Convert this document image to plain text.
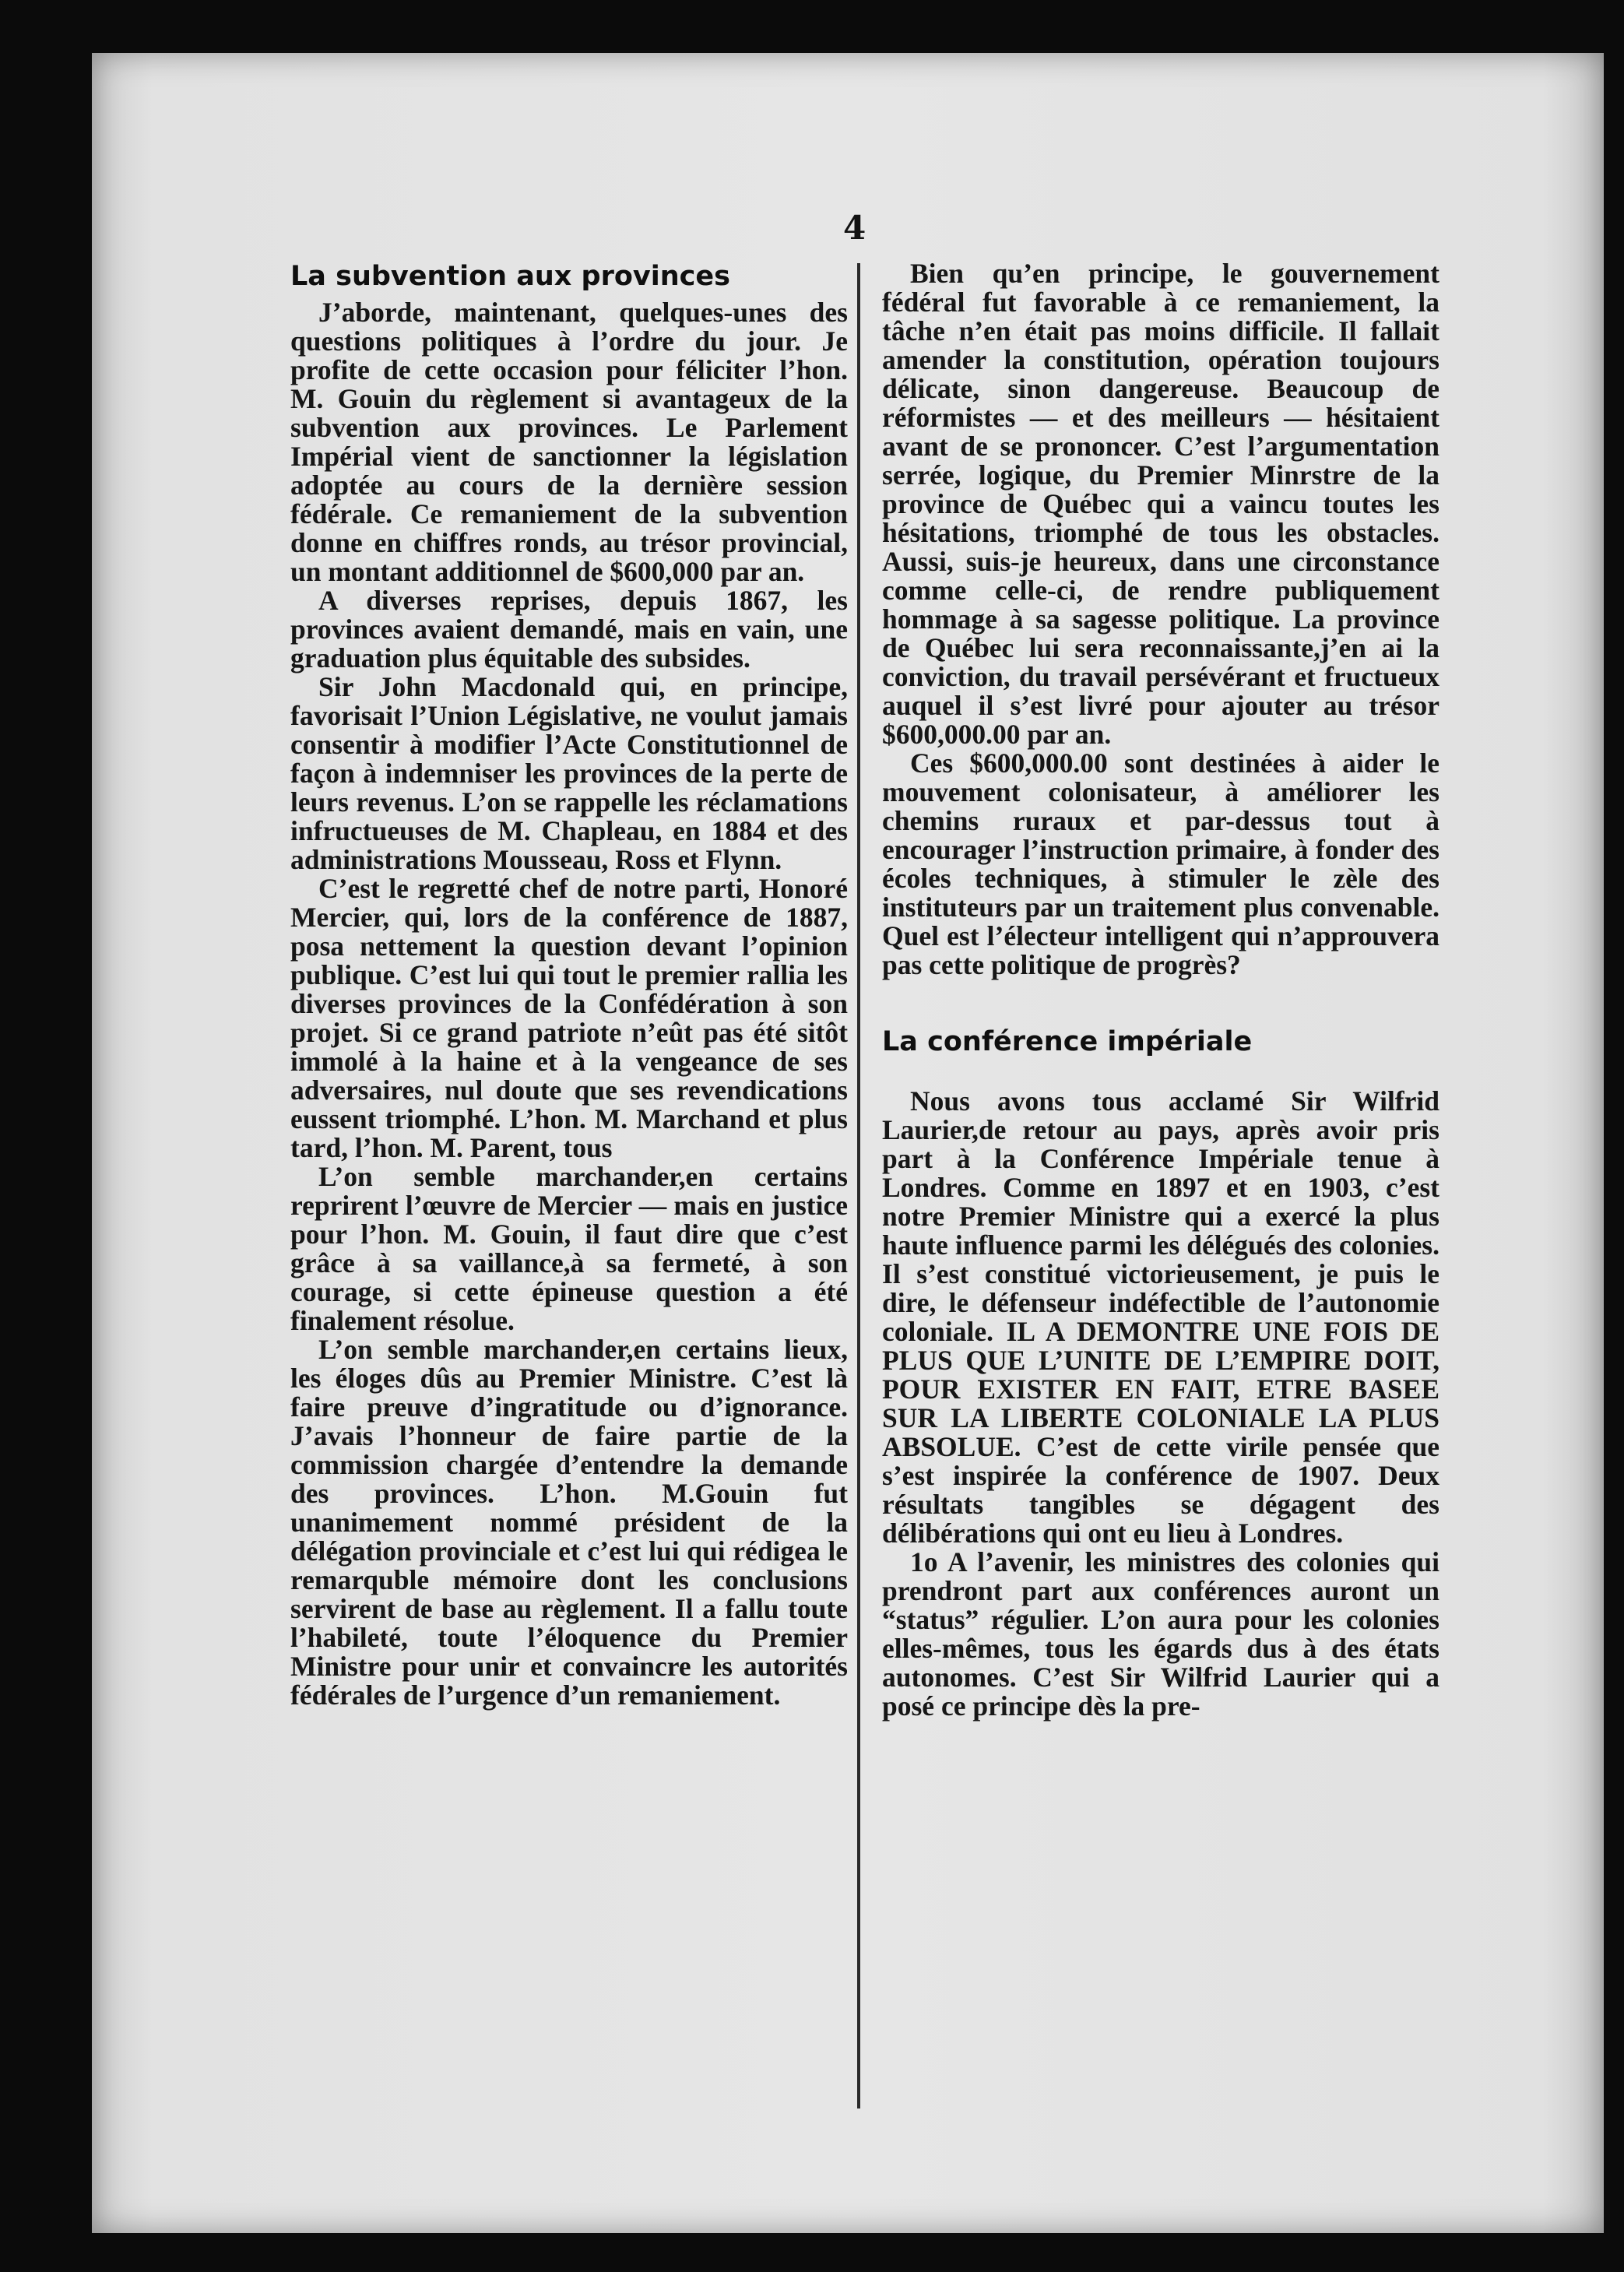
4
La subvention aux provinces

J’aborde, maintenant, quelques-unes des questions politiques à l’ordre du jour. Je profite de cette occasion pour féliciter l’hon. M. Gouin du règlement si avantageux de la subvention aux provinces. Le Parlement Impérial vient de sanctionner la législation adoptée au cours de la dernière session fédérale. Ce remaniement de la subvention donne en chiffres ronds, au trésor provincial, un montant additionnel de $600,000 par an.

A diverses reprises, depuis 1867, les provinces avaient demandé, mais en vain, une graduation plus équitable des subsides.

Sir John Macdonald qui, en principe, favorisait l’Union Législative, ne voulut jamais consentir à modifier l’Acte Constitutionnel de façon à indemniser les provinces de la perte de leurs revenus. L’on se rappelle les réclamations infructueuses de M. Chapleau, en 1884 et des administrations Mousseau, Ross et Flynn.

C’est le regretté chef de notre parti, Honoré Mercier, qui, lors de la conférence de 1887, posa nettement la question devant l’opinion publique. C’est lui qui tout le premier rallia les diverses provinces de la Confédération à son projet. Si ce grand patriote n’eût pas été sitôt immolé à la haine et à la vengeance de ses adversaires, nul doute que ses revendications eussent triomphé. L’hon. M. Marchand et plus tard, l’hon. M. Parent, tous

L’on semble marchander,en certains reprirent l’œuvre de Mercier — mais en justice pour l’hon. M. Gouin, il faut dire que c’est grâce à sa vaillance,à sa fermeté, à son courage, si cette épineuse question a été finalement résolue.

L’on semble marchander,en certains lieux, les éloges dûs au Premier Ministre. C’est là faire preuve d’ingratitude ou d’ignorance. J’avais l’honneur de faire partie de la commission chargée d’entendre la demande des provinces. L’hon. M.Gouin fut unanimement nommé président de la délégation provinciale et c’est lui qui rédigea le remarquble mémoire dont les conclusions servirent de base au règlement. Il a fallu toute l’habileté, toute l’éloquence du Premier Ministre pour unir et convaincre les autorités fédérales de l’urgence d’un remaniement.

Bien qu’en principe, le gouvernement fédéral fut favorable à ce remaniement, la tâche n’en était pas moins difficile. Il fallait amender la constitution, opération toujours délicate, sinon dangereuse. Beaucoup de réformistes — et des meilleurs — hésitaient avant de se prononcer. C’est l’argumentation serrée, logique, du Premier Minrstre de la province de Québec qui a vaincu toutes les hésitations, triomphé de tous les obstacles. Aussi, suis-je heureux, dans une circonstance comme celle-ci, de rendre publiquement hommage à sa sagesse politique. La province de Québec lui sera reconnaissante,j’en ai la conviction, du travail persévérant et fructueux auquel il s’est livré pour ajouter au trésor $600,000.00 par an.

Ces $600,000.00 sont destinées à aider le mouvement colonisateur, à améliorer les chemins ruraux et par-dessus tout à encourager l’instruction primaire, à fonder des écoles techniques, à stimuler le zèle des instituteurs par un traitement plus convenable. Quel est l’électeur intelligent qui n’approuvera pas cette politique de progrès?

La conférence impériale

Nous avons tous acclamé Sir Wilfrid Laurier,de retour au pays, après avoir pris part à la Conférence Impériale tenue à Londres. Comme en 1897 et en 1903, c’est notre Premier Ministre qui a exercé la plus haute influence parmi les délégués des colonies. Il s’est constitué victorieusement, je puis le dire, le défenseur indéfectible de l’autonomie coloniale. IL A DEMONTRE UNE FOIS DE PLUS QUE L’UNITE DE L’EMPIRE DOIT, POUR EXISTER EN FAIT, ETRE BASEE SUR LA LIBERTE COLONIALE LA PLUS ABSOLUE. C’est de cette virile pensée que s’est inspirée la conférence de 1907. Deux résultats tangibles se dégagent des délibérations qui ont eu lieu à Londres.

1o A l’avenir, les ministres des colonies qui prendront part aux conférences auront un “status” régulier. L’on aura pour les colonies elles-mêmes, tous les égards dus à des états autonomes. C’est Sir Wilfrid Laurier qui a posé ce principe dès la pre-
